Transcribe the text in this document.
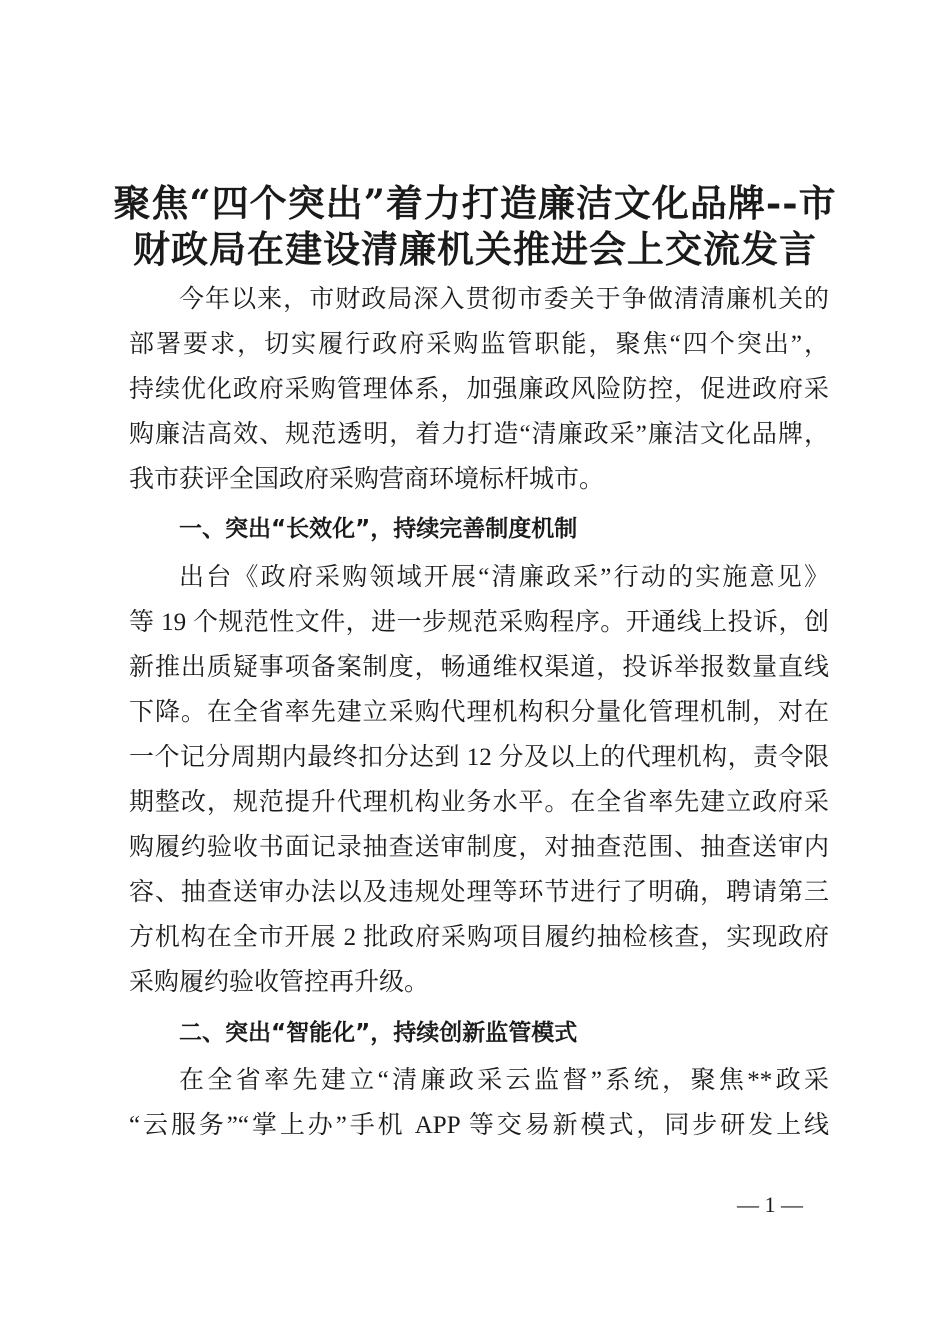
聚焦“四个突出”着力打造廉洁文化品牌--市
财政局在建设清廉机关推进会上交流发言
今年以来，市财政局深入贯彻市委关于争做清清廉机关的
部署要求，切实履行政府采购监管职能，聚焦“四个突出”，
持续优化政府采购管理体系，加强廉政风险防控，促进政府采
购廉洁高效、规范透明，着力打造“清廉政采”廉洁文化品牌，
我市获评全国政府采购营商环境标杆城市。
一、突出“长效化”，持续完善制度机制
出台《政府采购领域开展“清廉政采”行动的实施意见》
等 19 个规范性文件，进一步规范采购程序。开通线上投诉，创
新推出质疑事项备案制度，畅通维权渠道，投诉举报数量直线
下降。在全省率先建立采购代理机构积分量化管理机制，对在
一个记分周期内最终扣分达到 12 分及以上的代理机构，责令限
期整改，规范提升代理机构业务水平。在全省率先建立政府采
购履约验收书面记录抽查送审制度，对抽查范围、抽查送审内
容、抽查送审办法以及违规处理等环节进行了明确，聘请第三
方机构在全市开展 2 批政府采购项目履约抽检核查，实现政府
采购履约验收管控再升级。
二、突出“智能化”，持续创新监管模式
在全省率先建立“清廉政采云监督”系统，聚焦**政采
“云服务”“掌上办”手机 APP 等交易新模式，同步研发上线
— 1 —
